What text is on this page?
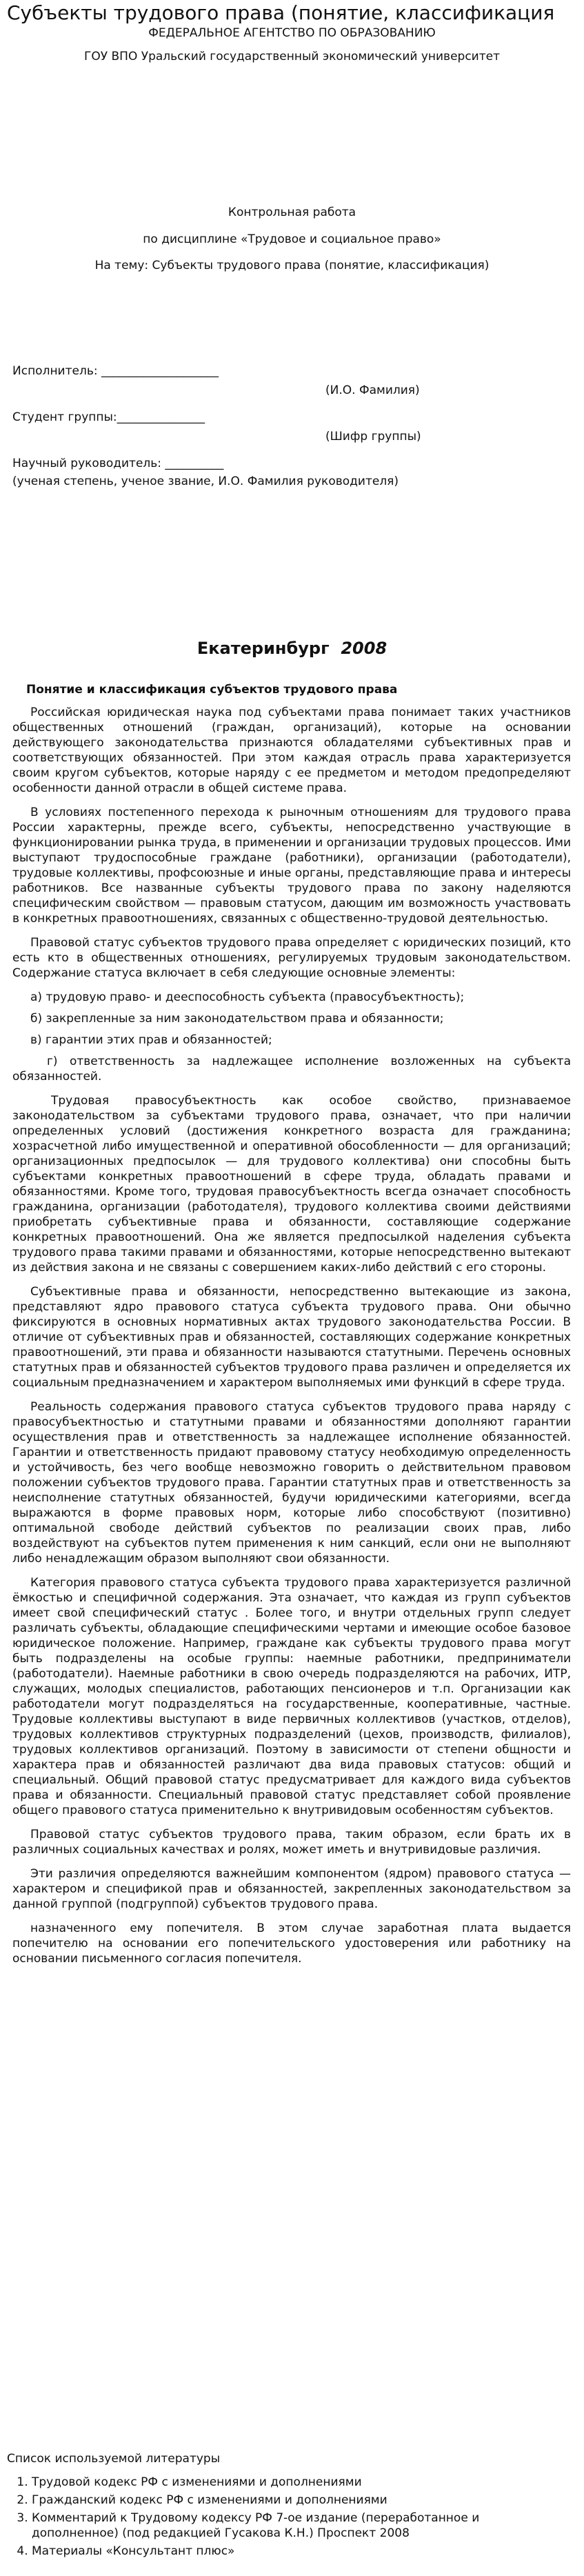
Субъекты трудового права (понятие, классификация
ФЕДЕРАЛЬНОЕ АГЕНТСТВО ПО ОБРАЗОВАНИЮ
ГОУ ВПО Уральский государственный экономический университет
Контрольная работа
по дисциплине «Трудовое и социальное право»
На тему: Субъекты трудового права (понятие, классификация)
Исполнитель: ____________________
(И.О. Фамилия)
Студент группы:_______________
(Шифр группы)
Научный руководитель: __________
(ученая степень, ученое звание, И.О. Фамилия руководителя)
Екатеринбург 2008
Понятие и классификация субъектов трудового права

Российская юридическая наука под субъектами права понимает таких участников общественных отношений (граждан, организаций), которые на основании действующего законодательства признаются обладателями субъективных прав и соответствующих обязанностей. При этом каждая отрасль права характеризуется своим кругом субъектов, которые наряду с ее предметом и методом предопределяют особенности данной отрасли в общей системе права.

В условиях постепенного перехода к рыночным отношениям для трудового права России характерны, прежде всего, субъекты, непосредственно участвующие в функционировании рынка труда, в применении и организации трудовых процессов. Ими выступают трудоспособные граждане (работники), организации (работодатели), трудовые коллективы, профсоюзные и иные органы, представляющие права и интересы работников. Все названные субъекты трудового права по закону наделяются специфическим свойством — правовым статусом, дающим им возможность участвовать в конкретных правоотношениях, связанных с общественно-трудовой деятельностью.

Правовой статус субъектов трудового права определяет с юридических позиций, кто есть кто в общественных отношениях, регулируемых трудовым законодательством. Содержание статуса включает в себя следующие основные элементы:

а) трудовую право- и дееспособность субъекта (правосубъектность);

б) закрепленные за ним законодательством права и обязанности;

в) гарантии этих прав и обязанностей;

г) ответственность за надлежащее исполнение возложенных на субъекта обязанностей.

Трудовая правосубъектность как особое свойство, признаваемое законодательством за субъектами трудового права, означает, что при наличии определенных условий (достижения конкретного возраста для гражданина; хозрасчетной либо имущественной и оперативной обособленности — для организаций; организационных предпосылок — для трудового коллектива) они способны быть субъектами конкретных правоотношений в сфере труда, обладать правами и обязанностями. Кроме того, трудовая правосубъектность всегда означает способность гражданина, организации (работодателя), трудового коллектива своими действиями приобретать субъективные права и обязанности, составляющие содержание конкретных правоотношений. Она же является предпосылкой наделения субъекта трудового права такими правами и обязанностями, которые непосредственно вытекают из действия закона и не связаны с совершением каких-либо действий с его стороны.

Субъективные права и обязанности, непосредственно вытекающие из закона, представляют ядро правового статуса субъекта трудового права. Они обычно фиксируются в основных нормативных актах трудового законодательства России. В отличие от субъективных прав и обязанностей, составляющих содержание конкретных правоотношений, эти права и обязанности называются статутными. Перечень основных статутных прав и обязанностей субъектов трудового права различен и определяется их социальным предназначением и характером выполняемых ими функций в сфере труда.

Реальность содержания правового статуса субъектов трудового права наряду с правосубъектностью и статутными правами и обязанностями дополняют гарантии осуществления прав и ответственность за надлежащее исполнение обязанностей. Гарантии и ответственность придают правовому статусу необходимую определенность и устойчивость, без чего вообще невозможно говорить о действительном правовом положении субъектов трудового права. Гарантии статутных прав и ответственность за неисполнение статутных обязанностей, будучи юридическими категориями, всегда выражаются в форме правовых норм, которые либо способствуют (позитивно) оптимальной свободе действий субъектов по реализации своих прав, либо воздействуют на субъектов путем применения к ним санкций, если они не выполняют либо ненадлежащим образом выполняют свои обязанности.

Категория правового статуса субъекта трудового права характеризуется различной ёмкостью и специфичной содержания. Эта означает, что каждая из групп субъектов имеет свой специфический статус . Более того, и внутри отдельных групп следует различать субъекты, обладающие специфическими чертами и имеющие особое базовое юридическое положение. Например, граждане как субъекты трудового права могут быть подразделены на особые группы: наемные работники, предприниматели (работодатели). Наемные работники в свою очередь подразделяются на рабочих, ИТР, служащих, молодых специалистов, работающих пенсионеров и т.п. Организации как работодатели могут подразделяться на государственные, кооперативные, частные. Трудовые коллективы выступают в виде первичных коллективов (участков, отделов), трудовых коллективов структурных подразделений (цехов, производств, филиалов), трудовых коллективов организаций. Поэтому в зависимости от степени общности и характера прав и обязанностей различают два вида правовых статусов: общий и специальный. Общий правовой статус предусматривает для каждого вида субъектов права и обязанности. Специальный правовой статус представляет собой проявление общего правового статуса применительно к внутривидовым особенностям субъектов.

Правовой статус субъектов трудового права, таким образом, если брать их в различных социальных качествах и ролях, может иметь и внутривидовые различия.

Эти различия определяются важнейшим компонентом (ядром) правового статуса — характером и спецификой прав и обязанностей, закрепленных законодательством за данной группой (подгруппой) субъектов трудового права.

назначенного ему попечителя. В этом случае заработная плата выдается попечителю на основании его попечительского удостоверения или работнику на основании письменного согласия попечителя.

Список используемой литературы
1. Трудовой кодекс РФ с изменениями и дополнениями
2. Гражданский кодекс РФ с изменениями и дополнениями
3. Комментарий к Трудовому кодексу РФ 7-ое издание (переработанное и дополненное) (под редакцией Гусакова К.Н.) Проспект 2008
4. Материалы «Консультант плюс»
